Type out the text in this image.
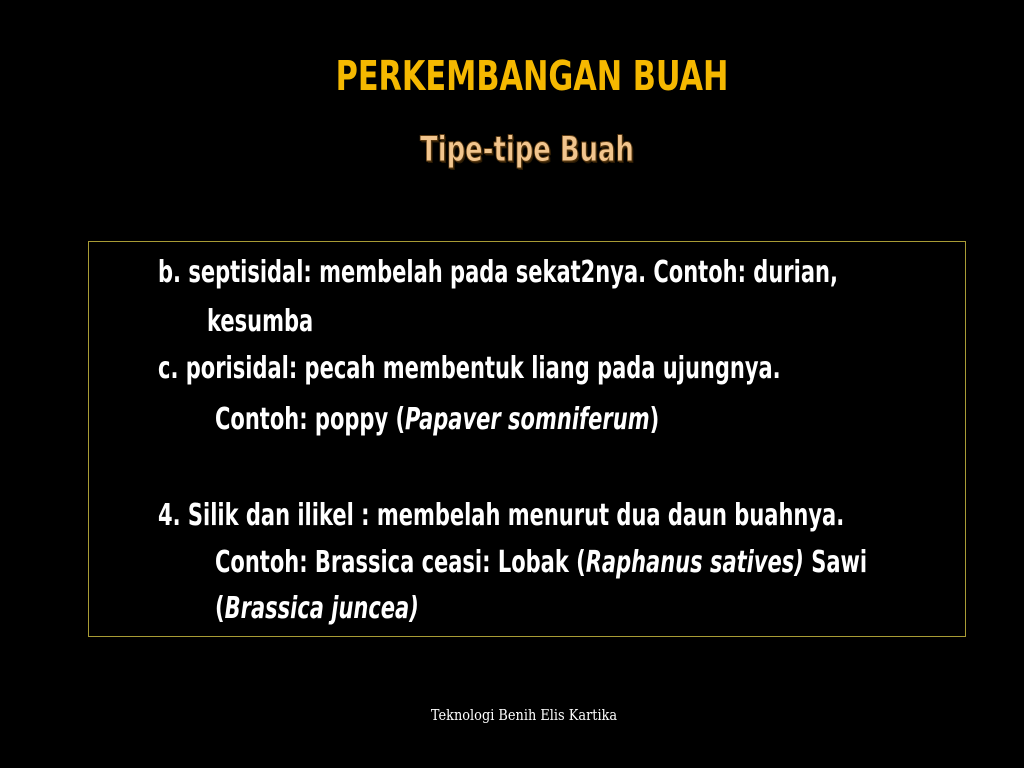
PERKEMBANGAN BUAH
Tipe-tipe Buah
b. septisidal: membelah pada sekat2nya. Contoh: durian,
kesumba
c. porisidal: pecah membentuk liang pada ujungnya.
Contoh: poppy (Papaver somniferum)
4. Silik dan ilikel : membelah menurut dua daun buahnya.
Contoh: Brassica ceasi: Lobak (Raphanus satives) Sawi
(Brassica juncea)
Teknologi Benih Elis Kartika
